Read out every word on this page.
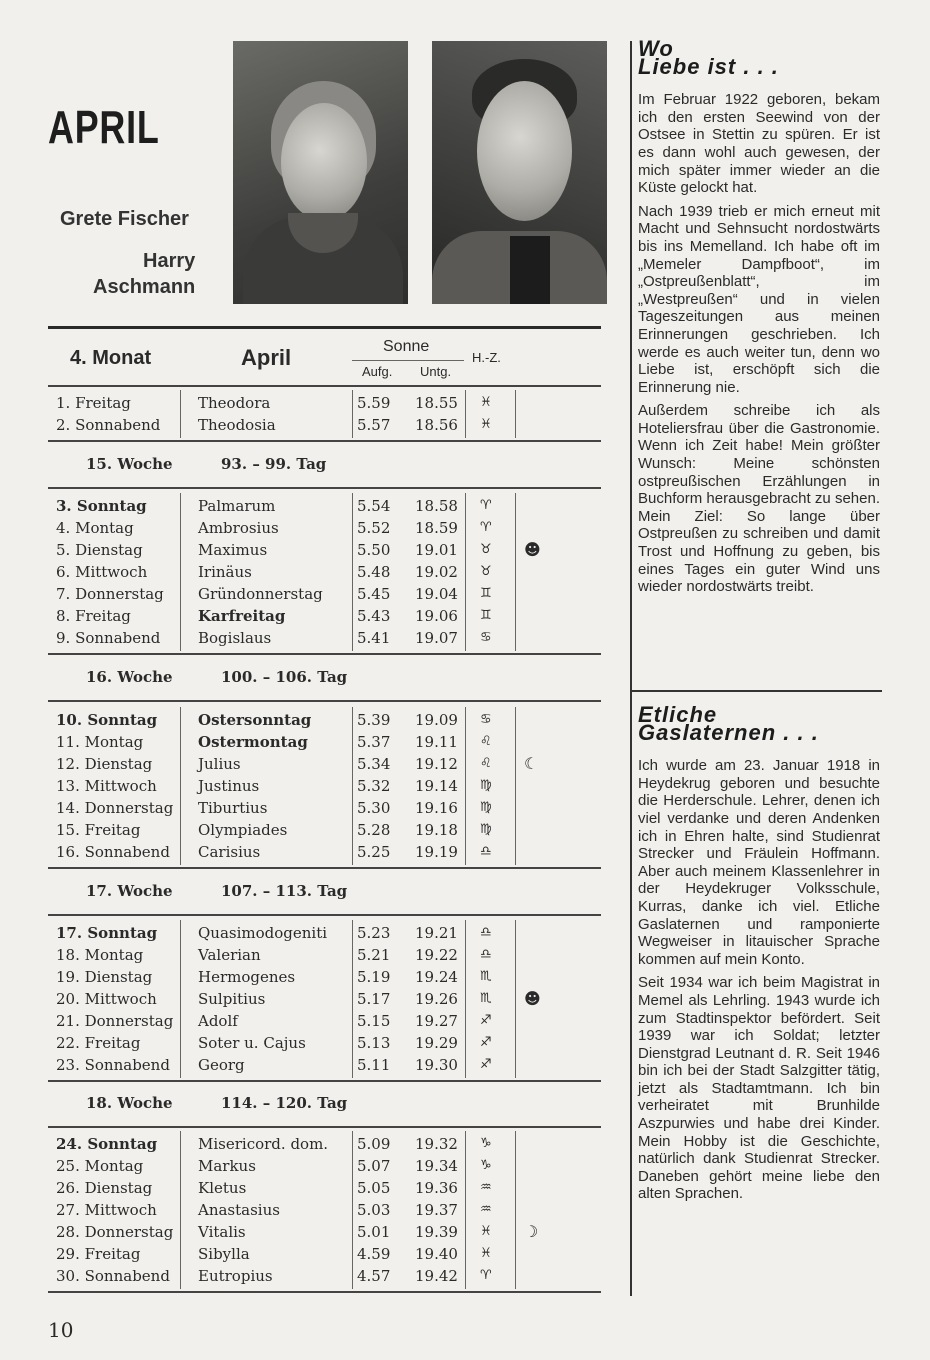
APRIL
Grete Fischer
Harry
Aschmann
4. Monat	April	Sonne
Aufg. Untg.
H.-Z.
1. Freitag	Theodora	5.59 18.55 ♓
2. Sonnabend	Theodosia	5.57 18.56 ♓
3. Sonntag	Palmarum	5.54 18.58 ♈
4. Montag	Ambrosius	5.52 18.59 ♈
5. Dienstag	Maximus	5.50 19.01 ♉ ☻
6. Mittwoch	Irinäus	5.48 19.02 ♉
7. Donnerstag Gründonnerstag 5.45 19.04 ♊
8. Freitag	Karfreitag	5.43 19.06 ♊
9. Sonnabend	Bogislaus	5.41 19.07 ♋
10. Sonntag	Ostersonntag	5.39 19.09 ♋
11. Montag	Ostermontag	5.37 19.11 ♌
12. Dienstag	Julius	5.34 19.12 ♌ ☾
13. Mittwoch	Justinus	5.32 19.14 ♍
14. Donnerstag Tiburtius	5.30 19.16 ♍
15. Freitag	Olympiades	5.28 19.18 ♍
16. Sonnabend Carisius	5.25 19.19 ♎
17. Sonntag	Quasimodogeniti 5.23 19.21 ♎
18. Montag	Valerian	5.21 19.22 ♎
19. Dienstag	Hermogenes	5.19 19.24 ♏
20. Mittwoch	Sulpitius	5.17 19.26 ♏ ☻
21. Donnerstag Adolf	5.15 19.27 ♐
22. Freitag	Soter u. Cajus	5.13 19.29 ♐
23. Sonnabend Georg	5.11 19.30 ♐
24. Sonntag	Misericord. dom. 5.09 19.32 ♑
25. Montag	Markus	5.07 19.34 ♑
26. Dienstag	Kletus	5.05 19.36 ♒
27. Mittwoch	Anastasius	5.03 19.37 ♒
28. Donnerstag Vitalis	5.01 19.39 ♓ ☽
29. Freitag	Sibylla	4.59 19.40 ♓
30. Sonnabend Eutropius	4.57 19.42 ♈
15. Woche	93. – 99. Tag
16. Woche	100. – 106. Tag
17. Woche	107. – 113. Tag
18. Woche	114. – 120. Tag
Wo
Liebe ist . . .

Im Februar 1922 geboren, bekam ich den ersten Seewind von der Ostsee in Stettin zu spüren. Er ist es dann wohl auch gewesen, der mich später immer wieder an die Küste gelockt hat.

Nach 1939 trieb er mich erneut mit Macht und Sehnsucht nordostwärts bis ins Memelland. Ich habe oft im „Memeler Dampfboot“, im „Ostpreußenblatt“, im „Westpreußen“ und in vielen Tageszeitungen aus meinen Erinnerungen geschrieben. Ich werde es auch weiter tun, denn wo Liebe ist, erschöpft sich die Erinnerung nie.

Außerdem schreibe ich als Hoteliersfrau über die Gastronomie. Wenn ich Zeit habe! Mein größter Wunsch: Meine schönsten ostpreußischen Erzählungen in Buchform herausgebracht zu sehen. Mein Ziel: So lange über Ostpreußen zu schreiben und damit Trost und Hoffnung zu geben, bis eines Tages ein guter Wind uns wieder nordostwärts treibt.

Etliche
Gaslaternen . . .

Ich wurde am 23. Januar 1918 in Heydekrug geboren und besuchte die Herderschule. Lehrer, denen ich viel verdanke und deren Andenken ich in Ehren halte, sind Studienrat Strecker und Fräulein Hoffmann. Aber auch meinem Klassenlehrer in der Heydekruger Volksschule, Kurras, danke ich viel. Etliche Gaslaternen und ramponierte Wegweiser in litauischer Sprache kommen auf mein Konto.

Seit 1934 war ich beim Magistrat in Memel als Lehrling. 1943 wurde ich zum Stadtinspektor befördert. Seit 1939 war ich Soldat; letzter Dienstgrad Leutnant d. R. Seit 1946 bin ich bei der Stadt Salzgitter tätig, jetzt als Stadtamtmann. Ich bin verheiratet mit Brunhilde Aszpurwies und habe drei Kinder. Mein Hobby ist die Geschichte, natürlich dank Studienrat Strecker. Daneben gehört meine liebe den alten Sprachen.

10
